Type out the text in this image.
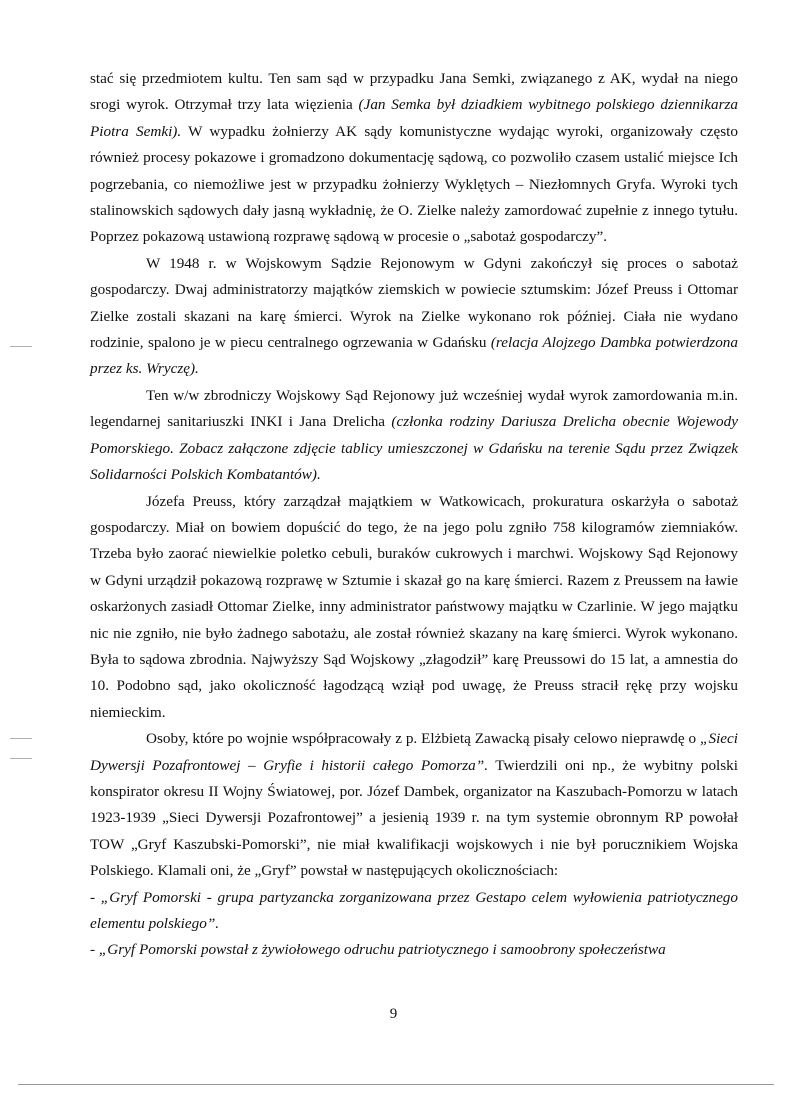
stać się przedmiotem kultu. Ten sam sąd w przypadku Jana Semki, związanego z AK, wydał na niego srogi wyrok. Otrzymał trzy lata więzienia (Jan Semka był dziadkiem wybitnego polskiego dziennikarza Piotra Semki). W wypadku żołnierzy AK sądy komunistyczne wydając wyroki, organizowały często również procesy pokazowe i gromadzono dokumentację sądową, co pozwoliło czasem ustalić miejsce Ich pogrzebania, co niemożliwe jest w przypadku żołnierzy Wyklętych – Niezłomnych Gryfa. Wyroki tych stalinowskich sądowych dały jasną wykładnię, że O. Zielke należy zamordować zupełnie z innego tytułu. Poprzez pokazową ustawioną rozprawę sądową w procesie o „sabotaż gospodarczy”.

W 1948 r. w Wojskowym Sądzie Rejonowym w Gdyni zakończył się proces o sabotaż gospodarczy. Dwaj administratorzy majątków ziemskich w powiecie sztumskim: Józef Preuss i Ottomar Zielke zostali skazani na karę śmierci. Wyrok na Zielke wykonano rok później. Ciała nie wydano rodzinie, spalono je w piecu centralnego ogrzewania w Gdańsku (relacja Alojzego Dambka potwierdzona przez ks. Wryczę).

Ten w/w zbrodniczy Wojskowy Sąd Rejonowy już wcześniej wydał wyrok zamordowania m.in. legendarnej sanitariuszki INKI i Jana Drelicha (członka rodziny Dariusza Drelicha obecnie Wojewody Pomorskiego. Zobacz załączone zdjęcie tablicy umieszczonej w Gdańsku na terenie Sądu przez Związek Solidarności Polskich Kombatantów).

Józefa Preuss, który zarządzał majątkiem w Watkowicach, prokuratura oskarżyła o sabotaż gospodarczy. Miał on bowiem dopuścić do tego, że na jego polu zgniło 758 kilogramów ziemniaków. Trzeba było zaorać niewielkie poletko cebuli, buraków cukrowych i marchwi. Wojskowy Sąd Rejonowy w Gdyni urządził pokazową rozprawę w Sztumie i skazał go na karę śmierci. Razem z Preussem na ławie oskarżonych zasiadł Ottomar Zielke, inny administrator państwowy majątku w Czarlinie. W jego majątku nic nie zgniło, nie było żadnego sabotażu, ale został również skazany na karę śmierci. Wyrok wykonano. Była to sądowa zbrodnia. Najwyższy Sąd Wojskowy „złagodził” karę Preussowi do 15 lat, a amnestia do 10. Podobno sąd, jako okoliczność łagodzącą wziął pod uwagę, że Preuss stracił rękę przy wojsku niemieckim.

Osoby, które po wojnie współpracowały z p. Elżbietą Zawacką pisały celowo nieprawdę o „Sieci Dywersji Pozafrontowej – Gryfie i historii całego Pomorza”. Twierdzili oni np., że wybitny polski konspirator okresu II Wojny Światowej, por. Józef Dambek, organizator na Kaszubach-Pomorzu w latach 1923-1939 „Sieci Dywersji Pozafrontowej” a jesienią 1939 r. na tym systemie obronnym RP powołał TOW „Gryf Kaszubski-Pomorski”, nie miał kwalifikacji wojskowych i nie był porucznikiem Wojska Polskiego. Klamali oni, że „Gryf” powstał w następujących okolicznościach:

- „Gryf Pomorski - grupa partyzancka zorganizowana przez Gestapo celem wyłowienia patriotycznego elementu polskiego”.

- „Gryf Pomorski powstał z żywiołowego odruchu patriotycznego i samoobrony społeczeństwa

9
